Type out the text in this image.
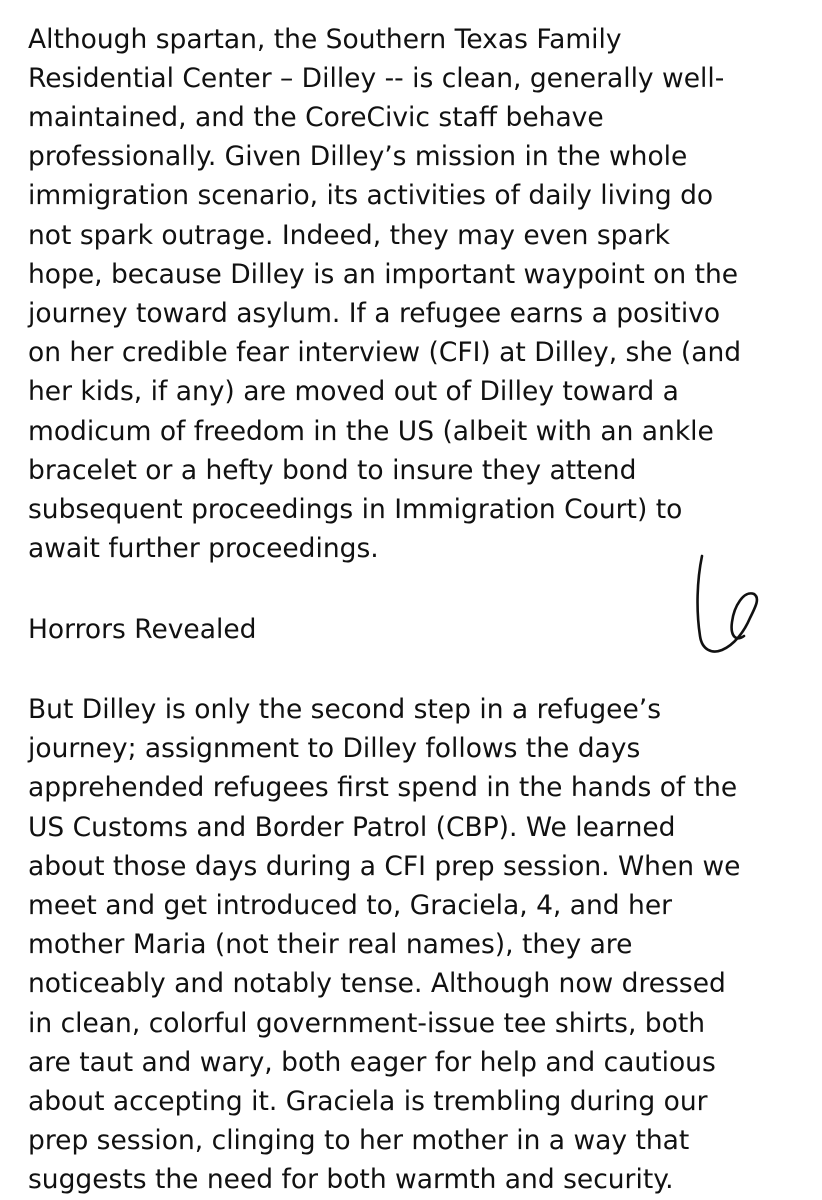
Although spartan, the Southern Texas Family
Residential Center – Dilley -- is clean, generally well-
maintained, and the CoreCivic staff behave
professionally. Given Dilley’s mission in the whole
immigration scenario, its activities of daily living do
not spark outrage. Indeed, they may even spark
hope, because Dilley is an important waypoint on the
journey toward asylum. If a refugee earns a positivo
on her credible fear interview (CFI) at Dilley, she (and
her kids, if any) are moved out of Dilley toward a
modicum of freedom in the US (albeit with an ankle
bracelet or a hefty bond to insure they attend
subsequent proceedings in Immigration Court) to
await further proceedings.
Horrors Revealed
But Dilley is only the second step in a refugee’s
journey; assignment to Dilley follows the days
apprehended refugees first spend in the hands of the
US Customs and Border Patrol (CBP). We learned
about those days during a CFI prep session. When we
meet and get introduced to, Graciela, 4, and her
mother Maria (not their real names), they are
noticeably and notably tense. Although now dressed
in clean, colorful government-issue tee shirts, both
are taut and wary, both eager for help and cautious
about accepting it. Graciela is trembling during our
prep session, clinging to her mother in a way that
suggests the need for both warmth and security.
